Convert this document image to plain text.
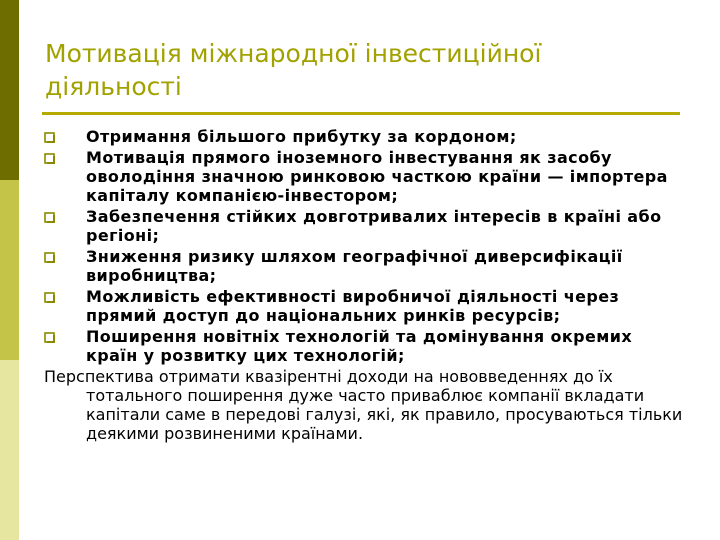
Мотивація міжнародної інвестиційної діяльності
Отримання більшого прибутку за кордоном;
Мотивація прямого іноземного інвестування як засобу оволодіння значною ринковою часткою країни — імпортера капіталу компанією-інвестором;
Забезпечення стійких довготривалих інтересів в країні або регіоні;
Зниження ризику шляхом географічної диверсифікації виробництва;
Можливість ефективності виробничої діяльності через прямий доступ до національних ринків ресурсів;
Поширення новітніх технологій та домінування окремих країн у розвитку цих технологій;

Перспектива отримати квазірентні доходи на нововведеннях до їх тотального поширення дуже часто приваблює компанії вкладати капітали саме в передові галузі, які, як правило, просуваються тільки деякими розвиненими країнами.
